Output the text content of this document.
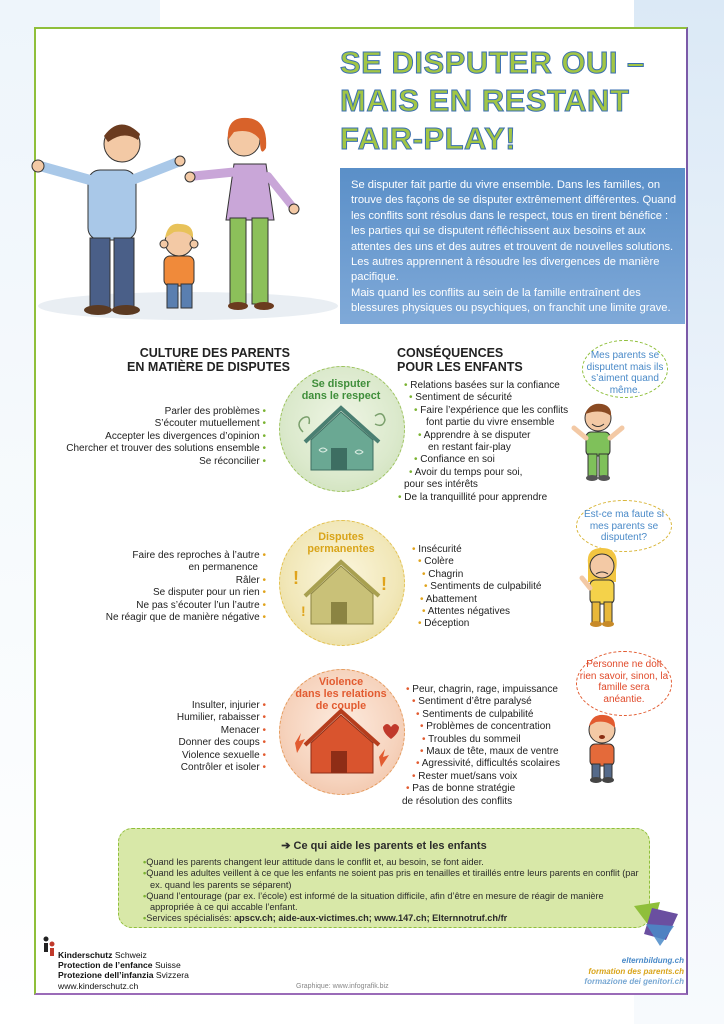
SE DISPUTER OUI –
MAIS EN RESTANT
FAIR-PLAY!
Se disputer fait partie du vivre ensemble. Dans les familles, on trouve des façons de se disputer extrêmement différentes. Quand les conflits sont résolus dans le respect, tous en tirent bénéfice : les parties qui se disputent réfléchissent aux besoins et aux attentes des uns et des autres et trouvent de nouvelles solutions. Les autres apprennent à résoudre les divergences de manière pacifique.
Mais quand les conflits au sein de la famille entraînent des blessures physiques ou psychiques, on franchit une limite grave.
CULTURE DES PARENTS
EN MATIÈRE DE DISPUTES
CONSÉQUENCES
POUR LES ENFANTS
!	!
!
Se disputer
dans le respect
Disputes
permanentes
Violence
dans les relations
de couple
Parler des problèmes •
S’écouter mutuellement •
Accepter les divergences d’opinion •
Chercher et trouver des solutions ensemble •
Se réconcilier •
• Relations basées sur la confiance
• Sentiment de sécurité
• Faire l’expérience que les conflits
font partie du vivre ensemble
• Apprendre à se disputer
en restant fair-play
• Confiance en soi
• Avoir du temps pour soi,
pour ses intérêts
• De la tranquillité pour apprendre
Faire des reproches à l’autre •
en permanence
Râler •
Se disputer pour un rien •
Ne pas s’écouter l’un l’autre •
Ne réagir que de manière négative •
• Insécurité
• Colère
• Chagrin
• Sentiments de culpabilité
• Abattement
• Attentes négatives
• Déception
Insulter, injurier •
Humilier, rabaisser •
Menacer •
Donner des coups •
Violence sexuelle •
Contrôler et isoler •
• Peur, chagrin, rage, impuissance
• Sentiment d’être paralysé
• Sentiments de culpabilité
• Problèmes de concentration
• Troubles du sommeil
• Maux de tête, maux de ventre
• Agressivité, difficultés scolaires
• Rester muet/sans voix
• Pas de bonne stratégie
de résolution des conflits
Mes parents se disputent mais ils s’aiment quand même.
Est-ce ma faute si mes parents se disputent?
Personne ne doit rien savoir, sinon, la famille sera anéantie.
➔ Ce qui aide les parents et les enfants
•Quand les parents changent leur attitude dans le conflit et, au besoin, se font aider.
•Quand les adultes veillent à ce que les enfants ne soient pas pris en tenailles et tiraillés entre leurs parents en conflit (par ex. quand les parents se séparent)
•Quand l’entourage (par ex. l’école) est informé de la situation difficile, afin d’être en mesure de réagir de manière appropriée à ce qui accable l’enfant.
•Services spécialisés: apscv.ch; aide-aux-victimes.ch; www.147.ch; Elternnotruf.ch/fr
Kinderschutz Schweiz
Protection de l’enfance Suisse
Protezione dell’infanzia Svizzera
www.kinderschutz.ch	Graphique: www.infografik.biz
elternbildung.ch
formation des parents.ch
formazione dei genitori.ch
